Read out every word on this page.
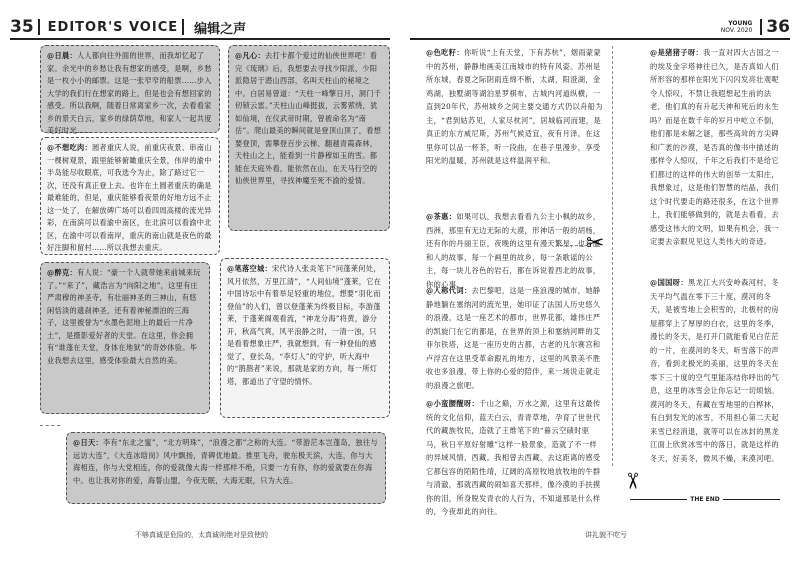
35 EDITOR'S VOICE 编辑之声	YOUNG
NOV. 2020 36
@日晨：人人都向往外面的世界，而我却忆起了家。余光中的乡愁让我有想家的感受，是啊，乡愁是一枚小小的邮票。这是一张窄窄的船票……步入大学的我们行在想家的路上，但是也会有想回家的感受。所以我啊，随着日常离家乡一次，去看看家乡的景天白云，家乡的绿荫草地，和家人一起共度美好时光……
@凡心：去打卡都个爱过的仙侠世界吧！看完《琉璃》后，我想要去寻找少阳派、少阳派隐居于潜山西部，名叫天柱山的秘境之中。白居易曾道：“天柱一峰擎日月，洞门千仞锁云雷。”天柱山山峰挺拔，云雾萦绕，犹如仙境，在仪武帝时期，曾被命名为“南岳”。爬山最美的瞬间就是登顶山顶了，看想要登顶，需攀登百步云梯、翻越青霞森林，天柱山之上，能看到一片静穆如玉的雪。都能在天庭外看，能依然在山，在天马行空的仙侠世界里，寻找神魔至死不渝的爱情。
@不想吃肉：圆者重庆人说，前重庆夜景、串南山一棵树观景，跟里能够俯瞰重庆全景，伟岸的渝中半岛能尽收眼底，可我选今为止，除了路过它一次，还没有真正登上去。也许在土圆者重庆的确是最难能的，但是，重庆能够看夜景的好地方远不止这一处了，在解放碑广场可以看四周高楼的流光异彩，在南滨可以看渝中南区，在北滨可以看渝中北区，在渝中可以看南岸，重庆的南山就是夜色的最好注脚和留村……所以我想去重庆。
@醉克：有人说：“豪一个人就带她来前城来玩了。”“来了”，藏浩言为“向阳之地”，这里有庄严肃穆的神圣寺，有壮丽神圣的三神山，有悠闲恬淡的遗刹神圣，还有着神秘漂泊的三海子，这里被誉为“水墨色泥地上的最后一片净土”，是摄影爱好者的天堂。在这里，你会拥有“谁蓬在天堂，身体在地狱”的奇妙体验。毕业我想去这里，感受体验最大自然的美。
@笔落空城：宋代诗人张炎笔下“问蓬莱何处，风月依然，万里江清”，“人间仙境”蓬莱，它在中国诗坛中有着举足轻重的地位，想要“羽化而登仙”的人们，曾以登蓬莱为终极目标，李游蓬莱，于蓬莱阁观看流，“神龙分海”将黄，游分开，秋高气爽，风平浪静之时，一清一浊，只是看着想象庄严，我就想到，有一种登仙的感觉了，登长岛，“李灯人”的守护，听大海中的“鹊鹊者”来说，那就是家的方向，每一所灯塔，都道出了守望的情怀。
@日天：李有“东北之蜜”，“北方明珠”，“浪漫之都”之称的大连。“带游茫本岂蓬岛，独往与远访大连”，《大连冰晗岗》风中飘扬，青碑优地最。推里飞舟，驶东极天滨，大连，你与大海相连，你与大党相连，你的爱就像大海一样那样不绝，只要一方有你，你的爱就要在你海中。也让我对你的爱，海誓山盟，今夜无眠，大海无眠，只为大连。
不够真诚是危险的，太真诚则绝对是致使的
@色吃籽：你听说“上有天堂，下有苏杭”，烟雨蒙蒙中的苏州，静静地画美江南城市的特有风姿。苏州是所东城，春夏之际阴雨连绵不断，太湖，阳澄湖，金鸡湖，独墅湖等湖泊星罗棋布，古城内河道纵横，一直到20年代，苏州城乡之间主要交通方式仍以舟船为主，“君到姑苏见，人家尽枕河”，居城临河而建，是真正的东方威尼斯，苏州气候适宜，夜有月泽，在这里你可以品一杯茶，听一段曲，在巷子里漫步，享受阳光的温暖，苏州就是这样温润平和。
@茶惠：如果可以，我想去看看九公主小枫的故乡，西洲，那里有无边无际的大漠，形神话一般的胡杨，还有你的丹丽王臣，夜晚的这里有漫天繁星，也有温和人的故事，每一个画里的故乡，每一条歌谣的公主，每一块儿谷色的岩石，都在诉说着西北的故事，你的心事。
✂
@人称代词：去巴黎吧，这是一座浪漫的城市，她静静地躺在塞纳河的流光里，她印证了法国人历史悠久的浪漫，这是一座艺术的都市，世界花都，雄伟庄严的凯旋门在它的都是，在世界的顶上和塞纳河畔的艾菲尔铁塔，这是一座历史的古都，古老的凡尔赛宫和卢浮宫在这里受革命跟礼的地方，这里的风景美不胜收也多浪漫，带上你的心爱的陪伴，来一场说走就走的浪漫之旅吧。
@小蛮腰醒呀：千山之巅，万水之源，这里有这最传统的文化信仰，蓝天白云，青青草地，孕育了世世代代的藏族牧民，造就了王维笔下的“暮云空碛时驱马，秋日平原好射雕”这样一般景象，造就了不一样的异域风情，西藏。我相曾去西藏，去这距离的感受它都包容的陌陌性靖，辽阔的高原牧地放牧地的牛群与清澈，那就西藏的闹如喜天那样，像冷漠的手扶摸你的泪，所身脱发青衣的人行为，不知道那是什么样的，今夜却此的向往。
@是猪猪子呀：我一直对四大古国之一的埃及金字塔神往已久，是否真如人们所形容的那样在阳光下闪闪发亮壮观呢令人惊叹，不禁让我遐想起生前的法老，他们真的有升起天神和死后的永生吗？而是在数千年的岁月中屹立不倒，他们都是未解之谜，那些高耸的方尖碑和广袤的沙漠，是否真的像书中描述的那样令人惊叹，千年之后我们不是给它们都过的这样的伟大的创举一太阳庄，我想象过，这是他们智慧的结晶，我们这个时代要走的路还很多，在这个世界上，我们能够做到的，就是去看看，去感受这伟大的文明，如果有机会，我一定要去亲眼见见这人类伟大的奇迹。
@国国呀：黑龙江大兴安岭森河村，冬天平均气温在零下三十度，漠河的冬天，是被雪地上会积雪的，北极村的房屋都穿上了厚厚的白衣，这里的冬季，漫长的冬天，是打开门就能看见白茫茫的一片，在漠河的冬天，听雪落下的声音，看到北极光的美丽，这里的冬天在零下三十度的空气里能冻结你呼出的气息，这里的冰雪会让你忘记一切烦恼。漠河的冬天，有藏在雪地里的白桦林，有白到发光的冰雪，不用担心第二天起来雪已经消退，就等可以在冰封的黑龙江面上欣赏冰雪中的落日，就是这样的冬天，好美冬，微风不燥，来漠河吧。
✂
THE END
讲礼貌不吃亏
